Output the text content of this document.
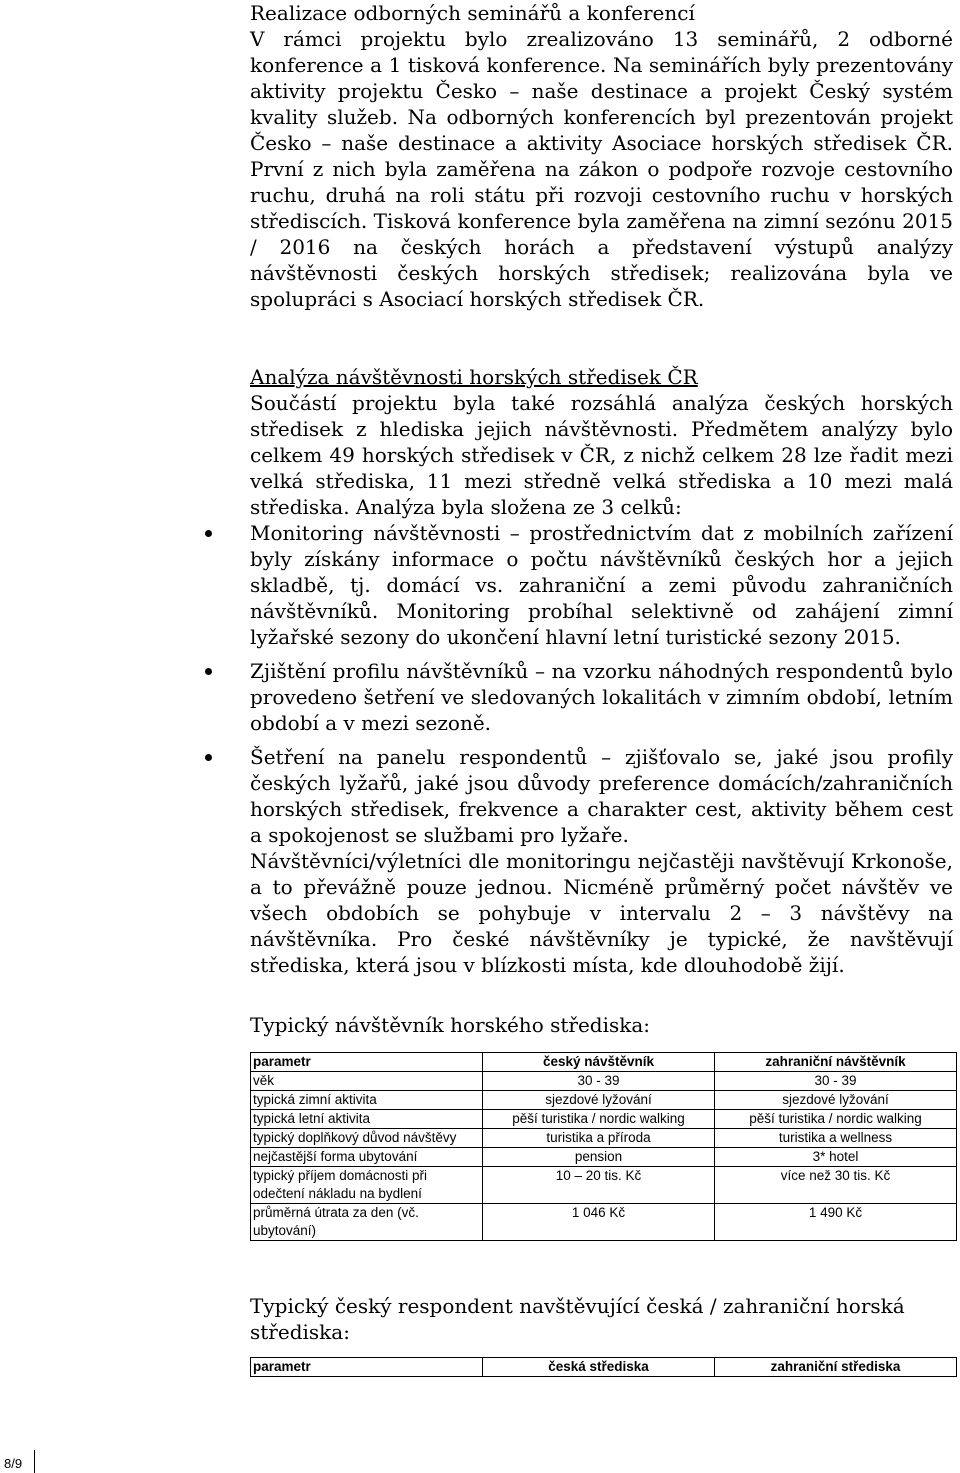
Realizace odborných seminářů a konferencí

V rámci projektu bylo zrealizováno 13 seminářů, 2 odborné konference a 1 tisková konference. Na seminářích byly prezentovány aktivity projektu Česko – naše destinace a projekt Český systém kvality služeb. Na odborných konferencích byl prezentován projekt Česko – naše destinace a aktivity Asociace horských středisek ČR. První z nich byla zaměřena na zákon o podpoře rozvoje cestovního ruchu, druhá na roli státu při rozvoji cestovního ruchu v horských střediscích. Tisková konference byla zaměřena na zimní sezónu 2015 / 2016 na českých horách a představení výstupů analýzy návštěvnosti českých horských středisek; realizována byla ve spolupráci s Asociací horských středisek ČR.

Analýza návštěvnosti horských středisek ČR

Součástí projektu byla také rozsáhlá analýza českých horských středisek z hlediska jejich návštěvnosti. Předmětem analýzy bylo celkem 49 horských středisek v ČR, z nichž celkem 28 lze řadit mezi velká střediska, 11 mezi středně velká střediska a 10 mezi malá střediska. Analýza byla složena ze 3 celků:

Monitoring návštěvnosti – prostřednictvím dat z mobilních zařízení byly získány informace o počtu návštěvníků českých hor a jejich skladbě, tj. domácí vs. zahraniční a zemi původu zahraničních návštěvníků. Monitoring probíhal selektivně od zahájení zimní lyžařské sezony do ukončení hlavní letní turistické sezony 2015.
Zjištění profilu návštěvníků – na vzorku náhodných respondentů bylo provedeno šetření ve sledovaných lokalitách v zimním období, letním období a v mezi sezoně.
Šetření na panelu respondentů – zjišťovalo se, jaké jsou profily českých lyžařů, jaké jsou důvody preference domácích/zahraničních horských středisek, frekvence a charakter cest, aktivity během cest a spokojenost se službami pro lyžaře.

Návštěvníci/výletníci dle monitoringu nejčastěji navštěvují Krkonoše, a to převážně pouze jednou. Nicméně průměrný počet návštěv ve všech obdobích se pohybuje v intervalu 2 – 3 návštěvy na návštěvníka. Pro české návštěvníky je typické, že navštěvují střediska, která jsou v blízkosti místa, kde dlouhodobě žijí.

Typický návštěvník horského střediska:

parametr	český návštěvník	zahraniční návštěvník
věk	30 - 39	30 - 39
typická zimní aktivita	sjezdové lyžování	sjezdové lyžování
typická letní aktivita	pěší turistika / nordic walking	pěší turistika / nordic walking
typický doplňkový důvod návštěvy	turistika a příroda	turistika a wellness
nejčastější forma ubytování	pension	3* hotel
typický příjem domácnosti při odečtení nákladu na bydlení	10 – 20 tis. Kč	více než 30 tis. Kč
průměrná útrata za den (vč. ubytování)	1 046 Kč	1 490 Kč

Typický český respondent navštěvující česká / zahraniční horská střediska:

parametr	česká střediska	zahraniční střediska
8/9
